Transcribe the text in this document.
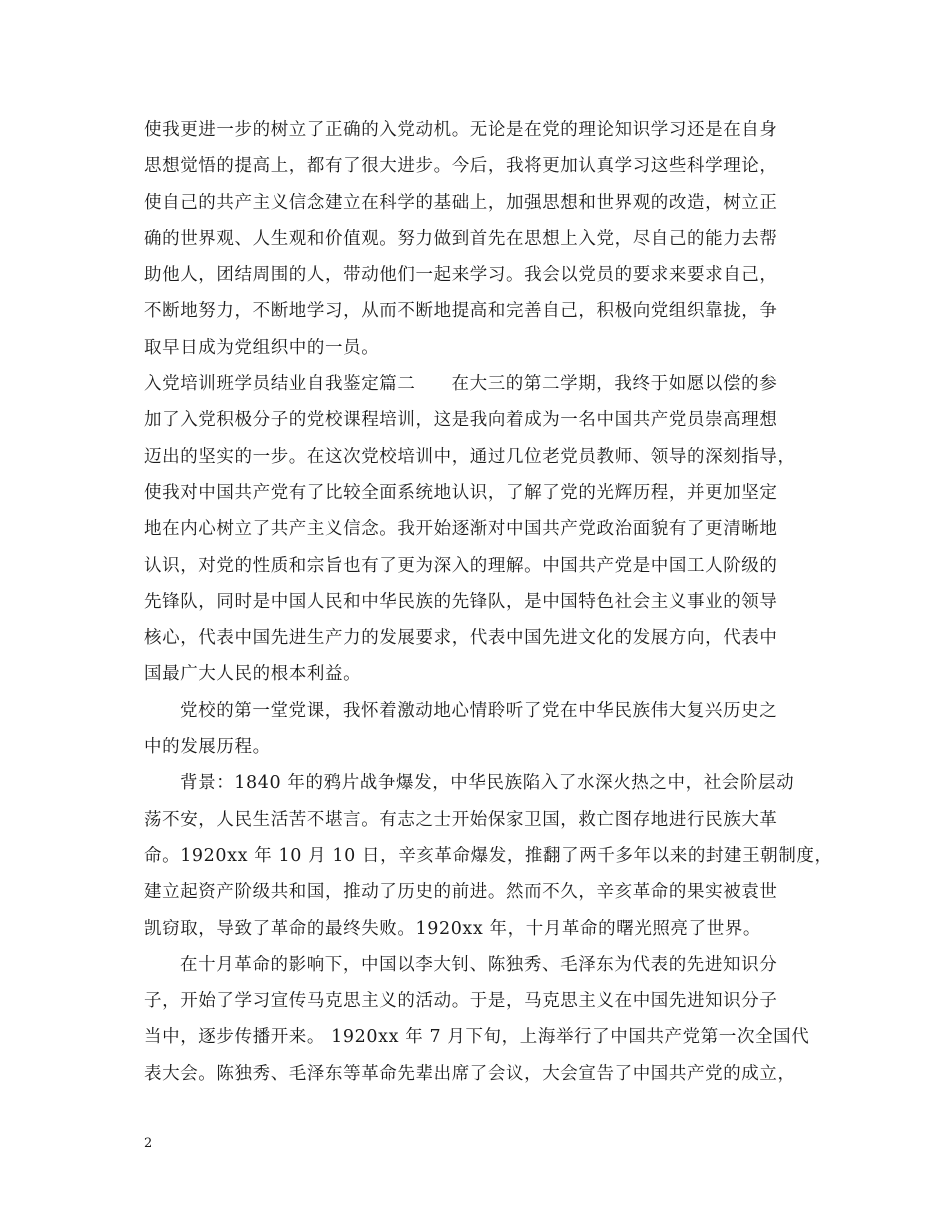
使我更进一步的树立了正确的入党动机。无论是在党的理论知识学习还是在自身
思想觉悟的提高上，都有了很大进步。今后，我将更加认真学习这些科学理论，
使自己的共产主义信念建立在科学的基础上，加强思想和世界观的改造，树立正
确的世界观、人生观和价值观。努力做到首先在思想上入党，尽自己的能力去帮
助他人，团结周围的人，带动他们一起来学习。我会以党员的要求来要求自己，
不断地努力，不断地学习，从而不断地提高和完善自己，积极向党组织靠拢，争
取早日成为党组织中的一员。
入党培训班学员结业自我鉴定篇二 在大三的第二学期，我终于如愿以偿的参
加了入党积极分子的党校课程培训，这是我向着成为一名中国共产党员崇高理想
迈出的坚实的一步。在这次党校培训中，通过几位老党员教师、领导的深刻指导，
使我对中国共产党有了比较全面系统地认识，了解了党的光辉历程，并更加坚定
地在内心树立了共产主义信念。我开始逐渐对中国共产党政治面貌有了更清晰地
认识，对党的性质和宗旨也有了更为深入的理解。中国共产党是中国工人阶级的
先锋队，同时是中国人民和中华民族的先锋队，是中国特色社会主义事业的领导
核心，代表中国先进生产力的发展要求，代表中国先进文化的发展方向，代表中
国最广大人民的根本利益。
党校的第一堂党课，我怀着激动地心情聆听了党在中华民族伟大复兴历史之
中的发展历程。
背景：1840 年的鸦片战争爆发，中华民族陷入了水深火热之中，社会阶层动
荡不安，人民生活苦不堪言。有志之士开始保家卫国，救亡图存地进行民族大革
命。1920xx 年 10 月 10 日，辛亥革命爆发，推翻了两千多年以来的封建王朝制度，
建立起资产阶级共和国，推动了历史的前进。然而不久，辛亥革命的果实被袁世
凯窃取，导致了革命的最终失败。1920xx 年，十月革命的曙光照亮了世界。
在十月革命的影响下，中国以李大钊、陈独秀、毛泽东为代表的先进知识分
子，开始了学习宣传马克思主义的活动。于是，马克思主义在中国先进知识分子
当中，逐步传播开来。 1920xx 年 7 月下旬，上海举行了中国共产党第一次全国代
表大会。陈独秀、毛泽东等革命先辈出席了会议，大会宣告了中国共产党的成立，
2
